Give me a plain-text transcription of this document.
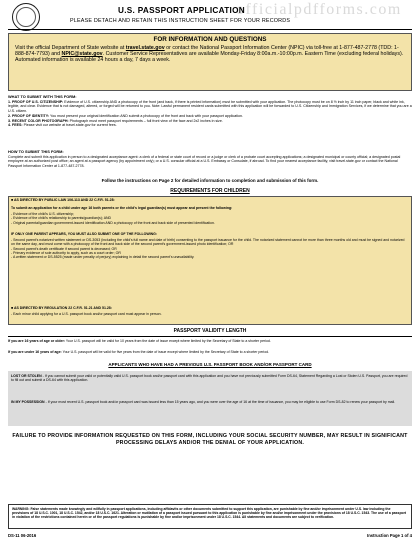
officialpdfforms.com
U.S. PASSPORT APPLICATION
PLEASE DETACH AND RETAIN THIS INSTRUCTION SHEET FOR YOUR RECORDS
FOR INFORMATION AND QUESTIONS
Visit the official Department of State website at travel.state.gov or contact the National Passport Information Center (NPIC) via toll-free at 1-877-487-2778 (TDD: 1-888-874-7793) and NPIC@state.gov. Customer Service Representatives are available Monday-Friday 8:00a.m.-10:00p.m. Eastern Time (excluding federal holidays). Automated information is available 24 hours a day, 7 days a week.
WHAT TO SUBMIT WITH THIS FORM:
1. PROOF OF U.S. CITIZENSHIP: Evidence of U.S. citizenship AND a photocopy of the front (and back, if there is printed information) must be submitted with your application. The photocopy must be on 8 ½ inch by 11 inch paper, black and white ink, legible, and clear. Evidence that is not damaged, altered, or forged will be returned to you. Note: Lawful permanent resident cards submitted with this application will be forwarded to U.S. Citizenship and Immigration Services, if we determine that you are a U.S. citizen.
2. PROOF OF IDENTITY: You must present your original identification AND submit a photocopy of the front and back with your passport application.
3. RECENT COLOR PHOTOGRAPH: Photograph must meet passport requirements – full front view of the face and 2x2 inches in size.
4. FEES: Please visit our website at travel.state.gov for current fees.
HOW TO SUBMIT THIS FORM:
Complete and submit this application in person to a designated acceptance agent: a clerk of a federal or state court of record or a judge or clerk of a probate court accepting applications; a designated municipal or county official; a designated postal employee at an authorized post office; an agent at a passport agency (by appointment only); or a U.S. consular official at a U.S. Embassy or Consulate, if abroad. To find your nearest acceptance facility, visit travel.state.gov or contact the National Passport Information Center at 1-877-487-2778.
Follow the instructions on Page 2 for detailed information to completion and submission of this form.
REQUIREMENTS FOR CHILDREN
■ AS DIRECTED BY PUBLIC LAW 106-113 AND 22 C.F.R. 51.28:
To submit an application for a child under age 16 both parents or the child's legal guardian(s) must appear and present the following:
- Evidence of the child's U.S. citizenship;
- Evidence of the child's relationship to parents/guardian(s); AND
- Original parental/guardian government-issued identification AND a photocopy of the front and back side of presented identification.
IF ONLY ONE PARENT APPEARS, YOU MUST ALSO SUBMIT ONE OF THE FOLLOWING:
- Second parent's notarized written statement or DS-3053 (including the child's full name and date of birth) consenting to the passport issuance for the child. The notarized statement cannot be more than three months old and must be signed and notarized on the same day, and must come with a photocopy of the front and back side of the second parent's government-issued photo identification; OR
- Second parent's death certificate if second parent is deceased; OR
- Primary evidence of sole authority to apply, such as a court order; OR
- A written statement or DS-5525 (made under penalty of perjury) explaining in detail the second parent's unavailability.
■ AS DIRECTED BY REGULATION 22 C.F.R. 51.21 AND 51.28:
- Each minor child applying for a U.S. passport book and/or passport card must appear in person.
PASSPORT VALIDITY LENGTH
If you are 16 years of age or older: Your U.S. passport will be valid for 10 years from the date of issue except where limited by the Secretary of State to a shorter period.
If you are under 16 years of age: Your U.S. passport will be valid for five years from the date of issue except where limited by the Secretary of State to a shorter period.
APPLICANTS WHO HAVE HAD A PREVIOUS U.S. PASSPORT BOOK AND/OR PASSPORT CARD
LOST OR STOLEN - If you cannot submit your valid or potentially valid U.S. passport book and/or passport card with this application and you have not previously submitted Form DS-64, Statement Regarding a Lost or Stolen U.S. Passport, you are required to fill out and submit a DS-64 with this application.
IN MY POSSESSION - If your most recent U.S. passport book and/or passport card was issued less than 15 years ago, and you were over the age of 16 at the time of issuance, you may be eligible to use Form DS-82 to renew your passport by mail.
FAILURE TO PROVIDE INFORMATION REQUESTED ON THIS FORM, INCLUDING YOUR SOCIAL SECURITY NUMBER, MAY RESULT IN SIGNIFICANT PROCESSING DELAYS AND/OR THE DENIAL OF YOUR APPLICATION.
WARNING: False statements made knowingly and willfully in passport applications, including affidavits or other documents submitted to support this application, are punishable by fine and/or imprisonment under U.S. law including the provisions of 18 U.S.C. 1001, 18 U.S.C. 1542, and/or 18 U.S.C. 1621. Alteration or mutilation of a passport issued pursuant to this application is punishable by fine and/or imprisonment under the provisions of 18 U.S.C. 1543. The use of a passport in violation of the restrictions contained herein or of the passport regulations is punishable by fine and/or imprisonment under 18 U.S.C. 1544. All statements and documents are subject to verification.
DS-11 06-2016	Instruction Page 1 of 4
